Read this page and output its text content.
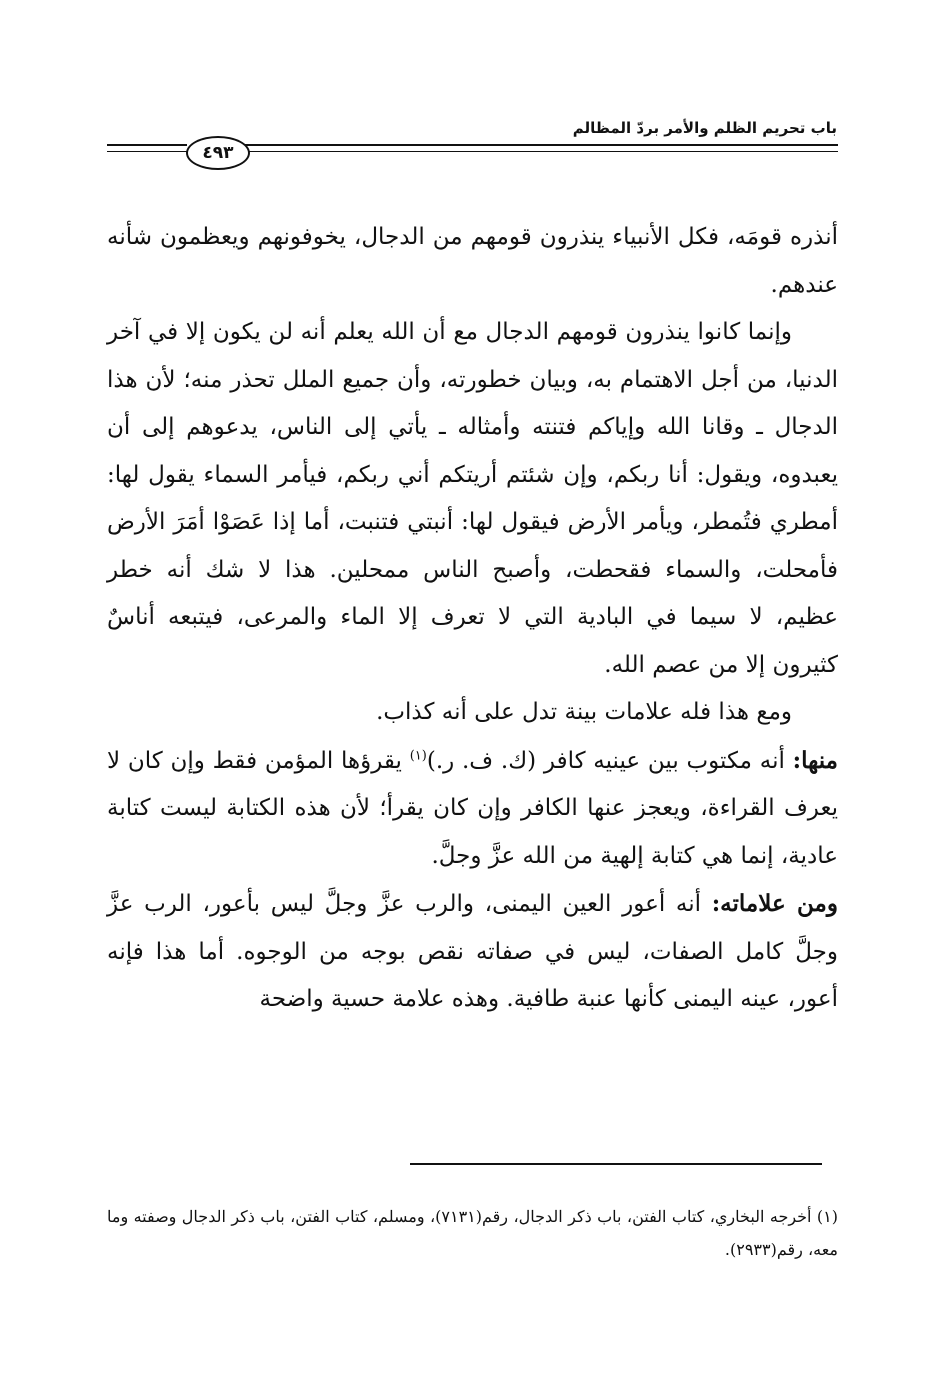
باب تحريم الظلم والأمر بردّ المظالم
٤٩٣

أنذره قومَه، فكل الأنبياء ينذرون قومهم من الدجال، يخوفونهم ويعظمون شأنه عندهم.

وإنما كانوا ينذرون قومهم الدجال مع أن الله يعلم أنه لن يكون إلا في آخر الدنيا، من أجل الاهتمام به، وبيان خطورته، وأن جميع الملل تحذر منه؛ لأن هذا الدجال ـ وقانا الله وإياكم فتنته وأمثاله ـ يأتي إلى الناس، يدعوهم إلى أن يعبدوه، ويقول: أنا ربكم، وإن شئتم أريتكم أني ربكم، فيأمر السماء يقول لها: أمطري فتُمطر، ويأمر الأرض فيقول لها: أنبتي فتنبت، أما إذا عَصَوْا أمَرَ الأرض فأمحلت، والسماء فقحطت، وأصبح الناس ممحلين. هذا لا شك أنه خطر عظيم، لا سيما في البادية التي لا تعرف إلا الماء والمرعى، فيتبعه أناسٌ كثيرون إلا من عصم الله.

ومع هذا فله علامات بينة تدل على أنه كذاب.

منها: أنه مكتوب بين عينيه كافر (ك. ف. ر.)$^{(١)}$ يقرؤها المؤمن فقط وإن كان لا يعرف القراءة، ويعجز عنها الكافر وإن كان يقرأ؛ لأن هذه الكتابة ليست كتابة عادية، إنما هي كتابة إلهية من الله عزَّ وجلَّ.

ومن علاماته: أنه أعور العين اليمنى، والرب عزَّ وجلَّ ليس بأعور، الرب عزَّ وجلَّ كامل الصفات، ليس في صفاته نقص بوجه من الوجوه. أما هذا فإنه أعور، عينه اليمنى كأنها عنبة طافية. وهذه علامة حسية واضحة

(١) أخرجه البخاري، كتاب الفتن، باب ذكر الدجال، رقم(٧١٣١)، ومسلم، كتاب الفتن، باب ذكر الدجال وصفته وما معه، رقم(٢٩٣٣).
